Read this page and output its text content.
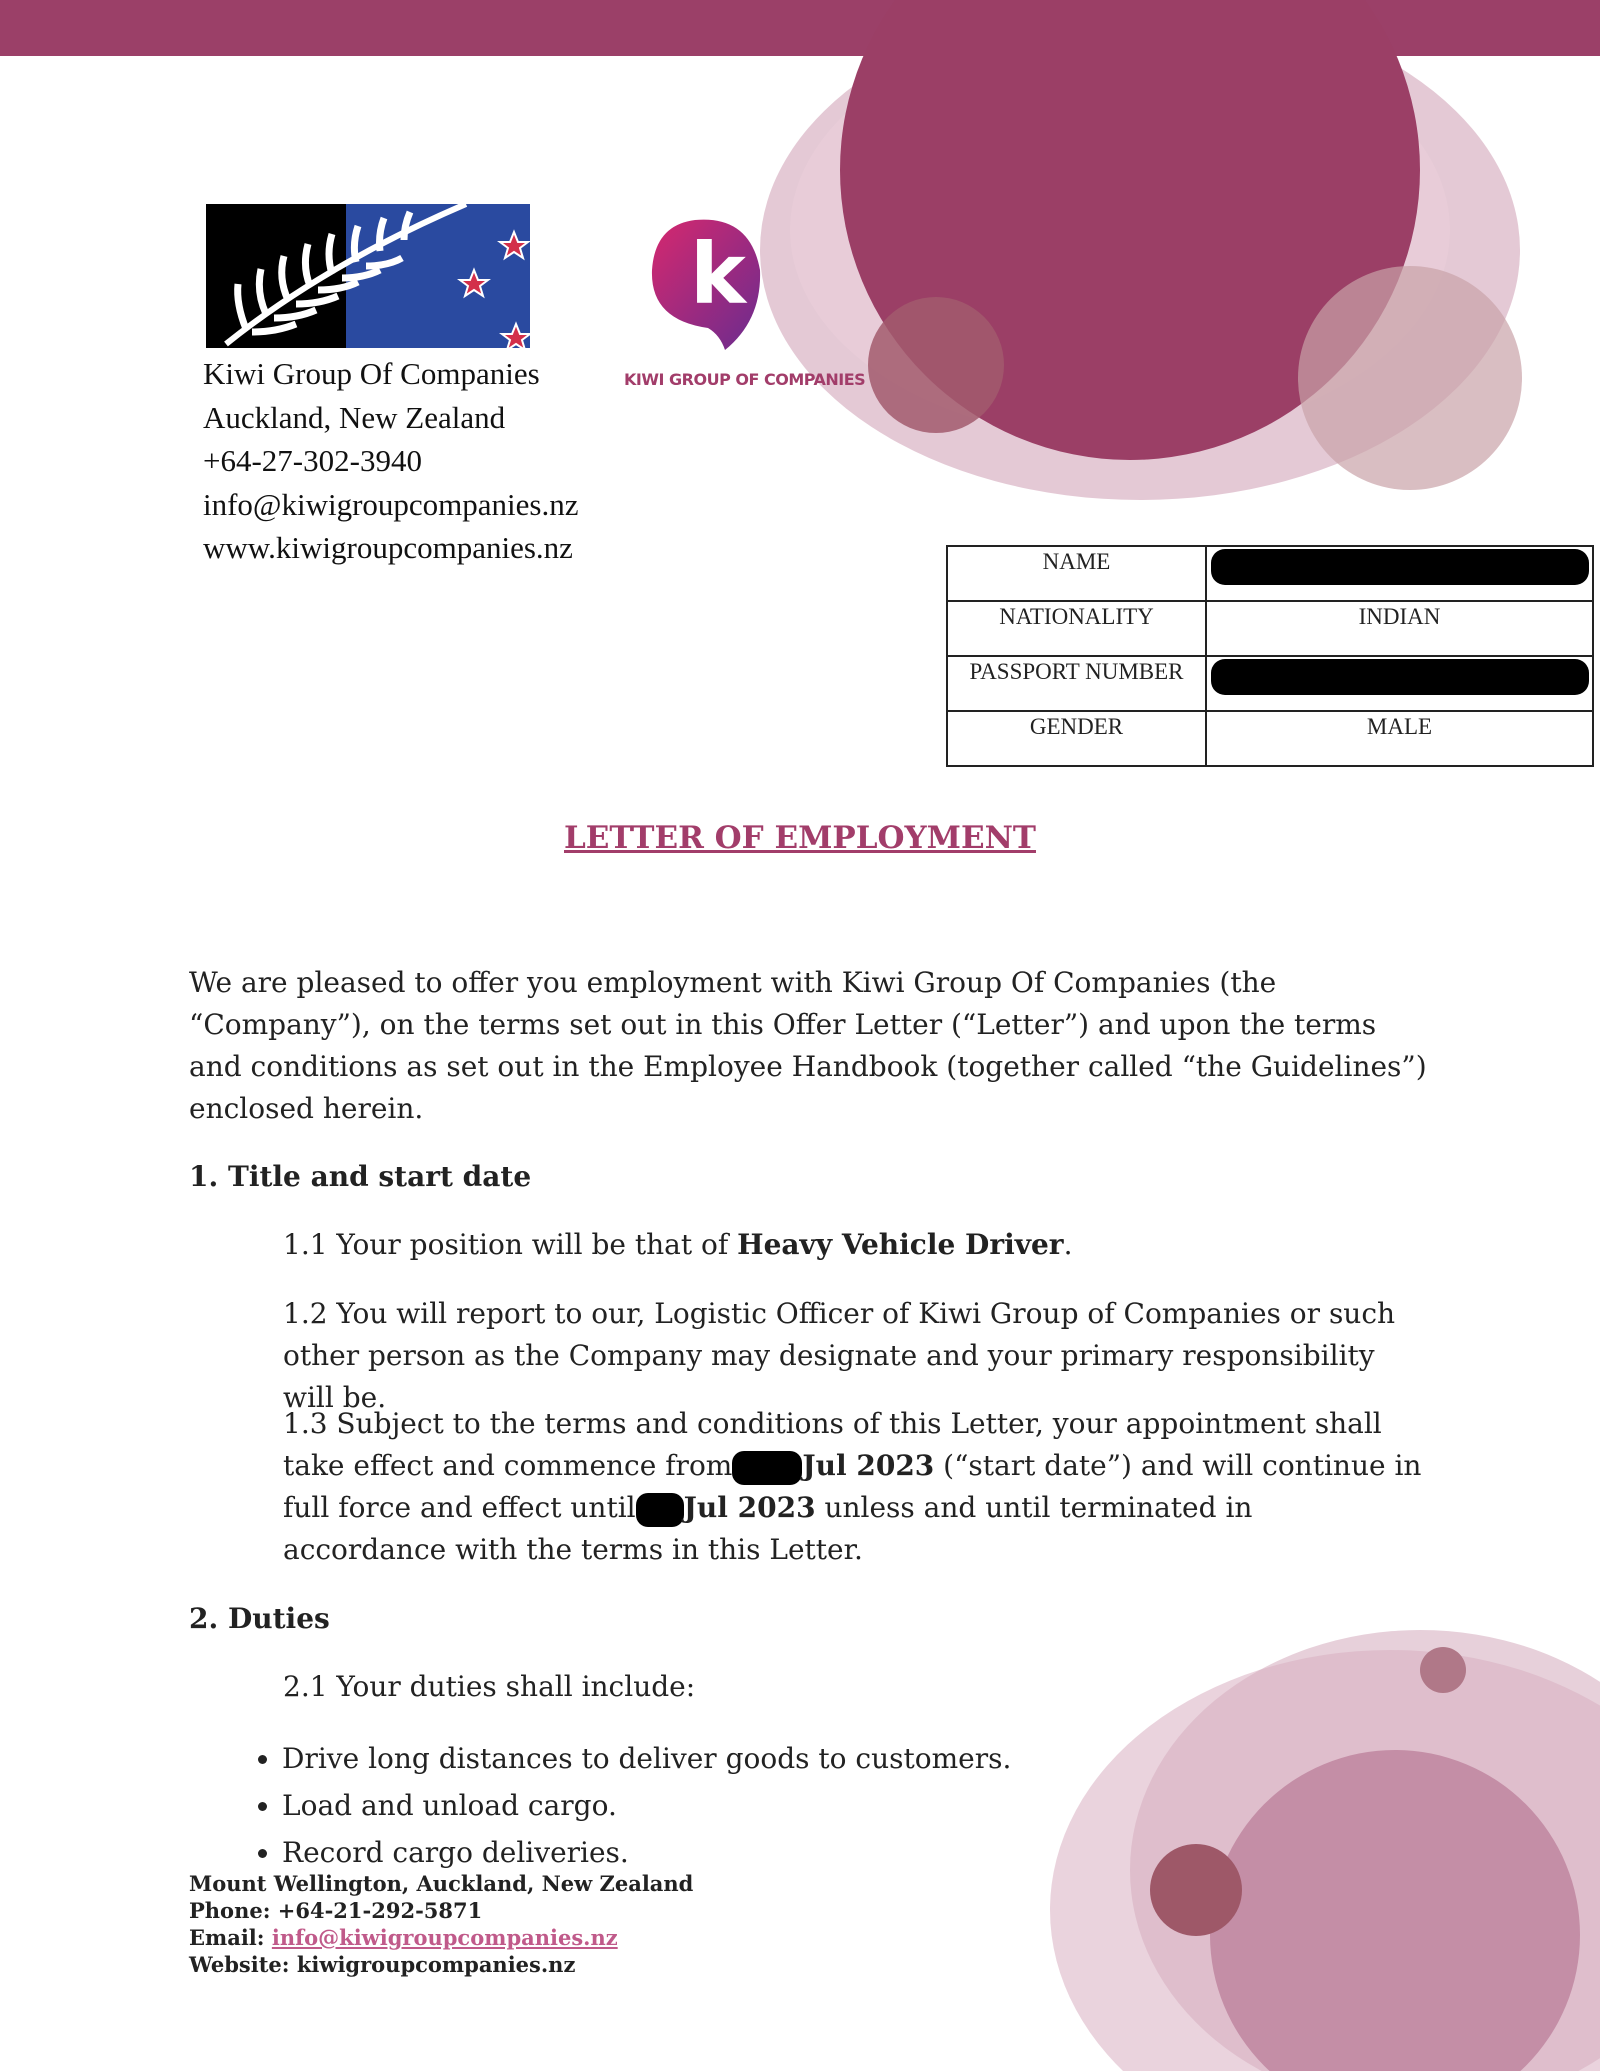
k
KIWI GROUP OF COMPANIES
Kiwi Group Of Companies
Auckland, New Zealand
+64-27-302-3940
info@kiwigroupcompanies.nz
www.kiwigroupcompanies.nz	NAME	
NATIONALITY	INDIAN
PASSPORT NUMBER	
GENDER	MALE
LETTER OF EMPLOYMENT
We are pleased to offer you employment with Kiwi Group Of Companies (the “Company”), on the terms set out in this Offer Letter (“Letter”) and upon the terms and conditions as set out in the Employee Handbook (together called “the Guidelines”) enclosed herein.
1. Title and start date
1.1 Your position will be that of Heavy Vehicle Driver.
1.2 You will report to our, Logistic Officer of Kiwi Group of Companies or such other person as the Company may designate and your primary responsibility will be.
1.3 Subject to the terms and conditions of this Letter, your appointment shall take effect and commence from	Jul 2023 (“start date”) and will continue in full force and effect until Jul 2023 unless and until terminated in accordance with the terms in this Letter.
2. Duties
2.1 Your duties shall include:
• Drive long distances to deliver goods to customers.
• Load and unload cargo.
• Record cargo deliveries.
Mount Wellington, Auckland, New Zealand
Phone: +64-21-292-5871
Email: info@kiwigroupcompanies.nz
Website: kiwigroupcompanies.nz
